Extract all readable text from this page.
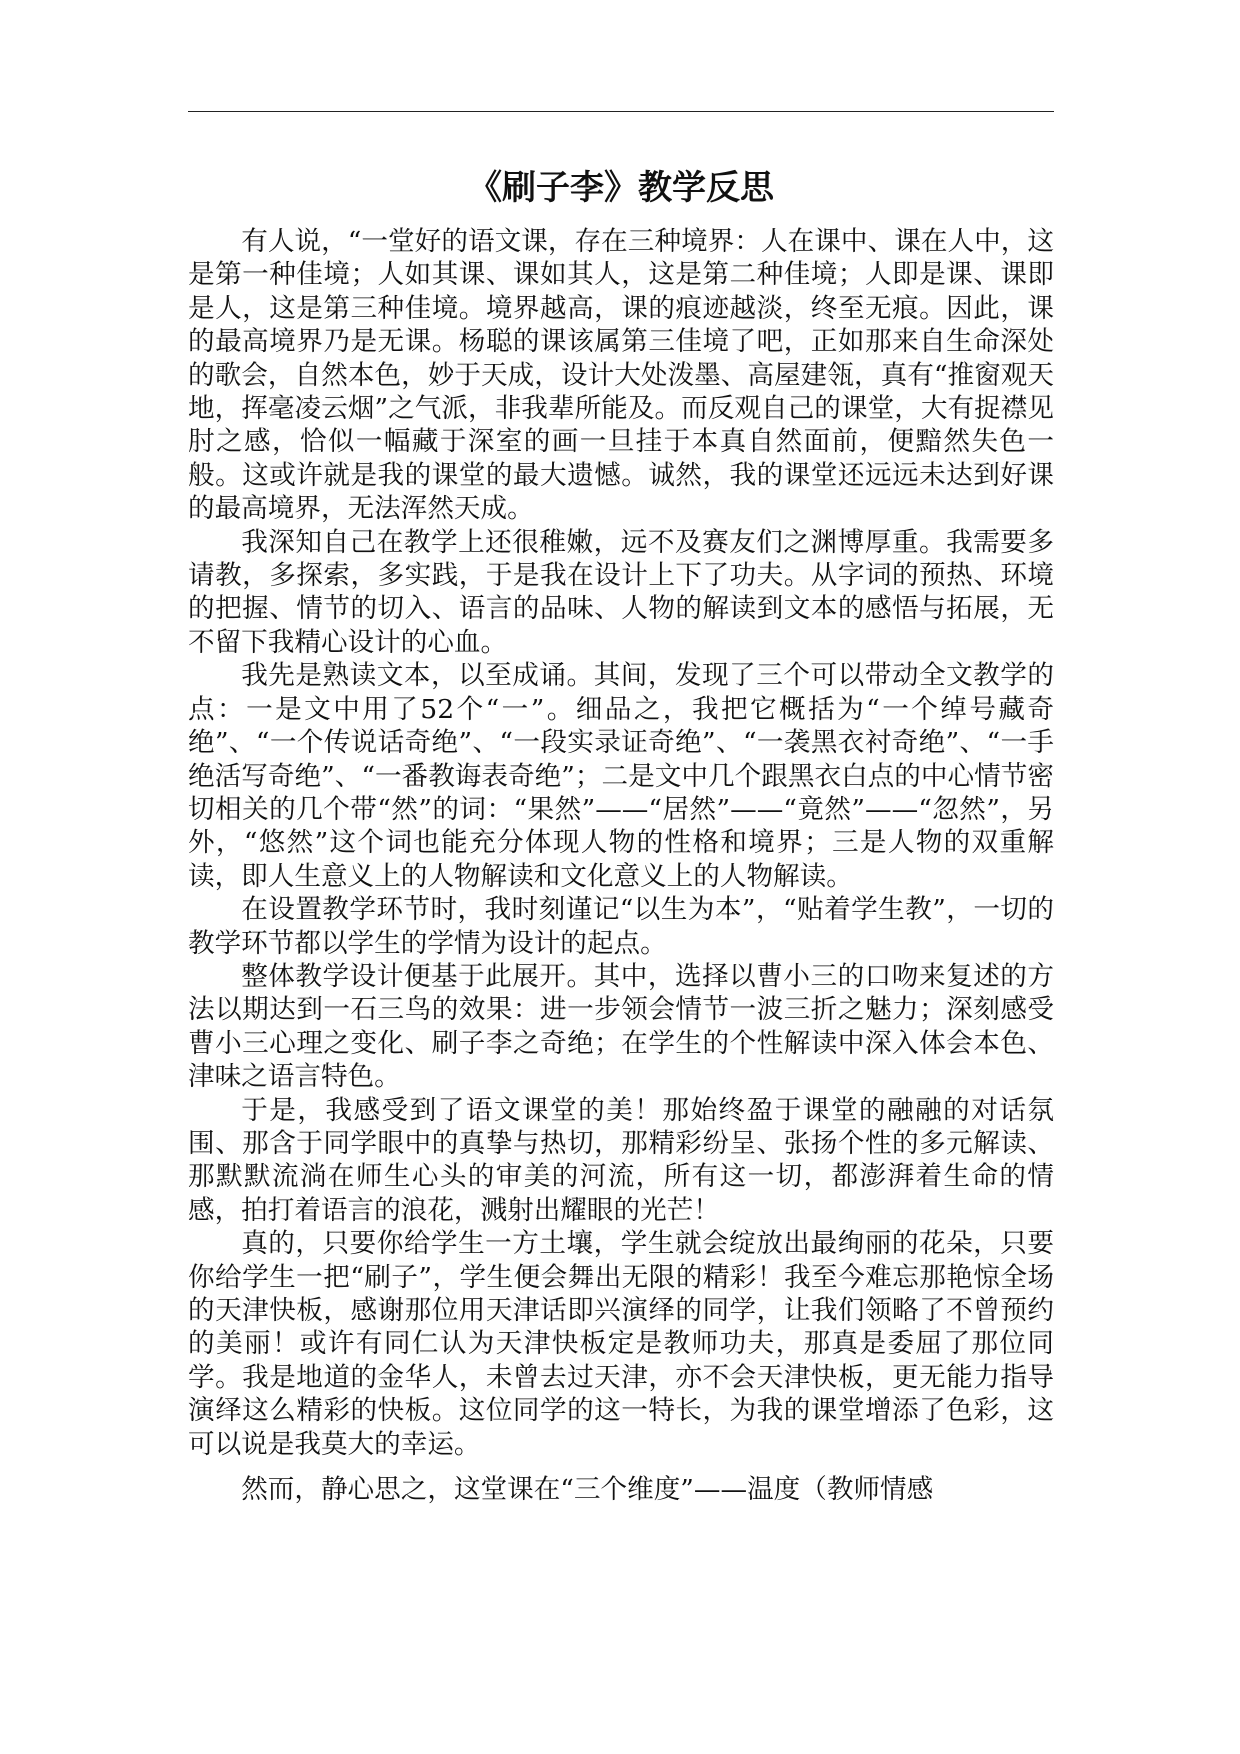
《刷子李》教学反思

有人说，“一堂好的语文课，存在三种境界：人在课中、课在人中，这是第一种佳境；人如其课、课如其人，这是第二种佳境；人即是课、课即是人，这是第三种佳境。境界越高，课的痕迹越淡，终至无痕。因此，课的最高境界乃是无课。杨聪的课该属第三佳境了吧，正如那来自生命深处的歌会，自然本色，妙于天成，设计大处泼墨、高屋建瓴，真有“推窗观天地，挥毫凌云烟”之气派，非我辈所能及。而反观自己的课堂，大有捉襟见肘之感，恰似一幅藏于深室的画一旦挂于本真自然面前，便黯然失色一般。这或许就是我的课堂的最大遗憾。诚然，我的课堂还远远未达到好课的最高境界，无法浑然天成。

我深知自己在教学上还很稚嫩，远不及赛友们之渊博厚重。我需要多请教，多探索，多实践，于是我在设计上下了功夫。从字词的预热、环境的把握、情节的切入、语言的品味、人物的解读到文本的感悟与拓展，无不留下我精心设计的心血。

我先是熟读文本，以至成诵。其间，发现了三个可以带动全文教学的点：一是文中用了52个“一”。细品之，我把它概括为“一个绰号藏奇绝”、“一个传说话奇绝”、“一段实录证奇绝”、“一袭黑衣衬奇绝”、“一手绝活写奇绝”、“一番教诲表奇绝”；二是文中几个跟黑衣白点的中心情节密切相关的几个带“然”的词：“果然”——“居然”——“竟然”——“忽然”，另外，“悠然”这个词也能充分体现人物的性格和境界；三是人物的双重解读，即人生意义上的人物解读和文化意义上的人物解读。

在设置教学环节时，我时刻谨记“以生为本”，“贴着学生教”，一切的教学环节都以学生的学情为设计的起点。

整体教学设计便基于此展开。其中，选择以曹小三的口吻来复述的方法以期达到一石三鸟的效果：进一步领会情节一波三折之魅力；深刻感受曹小三心理之变化、刷子李之奇绝；在学生的个性解读中深入体会本色、津味之语言特色。

于是，我感受到了语文课堂的美！那始终盈于课堂的融融的对话氛围、那含于同学眼中的真挚与热切，那精彩纷呈、张扬个性的多元解读、那默默流淌在师生心头的审美的河流，所有这一切，都澎湃着生命的情感，拍打着语言的浪花，溅射出耀眼的光芒！

真的，只要你给学生一方土壤，学生就会绽放出最绚丽的花朵，只要你给学生一把“刷子”，学生便会舞出无限的精彩！我至今难忘那艳惊全场的天津快板，感谢那位用天津话即兴演绎的同学，让我们领略了不曾预约的美丽！或许有同仁认为天津快板定是教师功夫，那真是委屈了那位同学。我是地道的金华人，未曾去过天津，亦不会天津快板，更无能力指导演绎这么精彩的快板。这位同学的这一特长，为我的课堂增添了色彩，这可以说是我莫大的幸运。

然而，静心思之，这堂课在“三个维度”——温度（教师情感
